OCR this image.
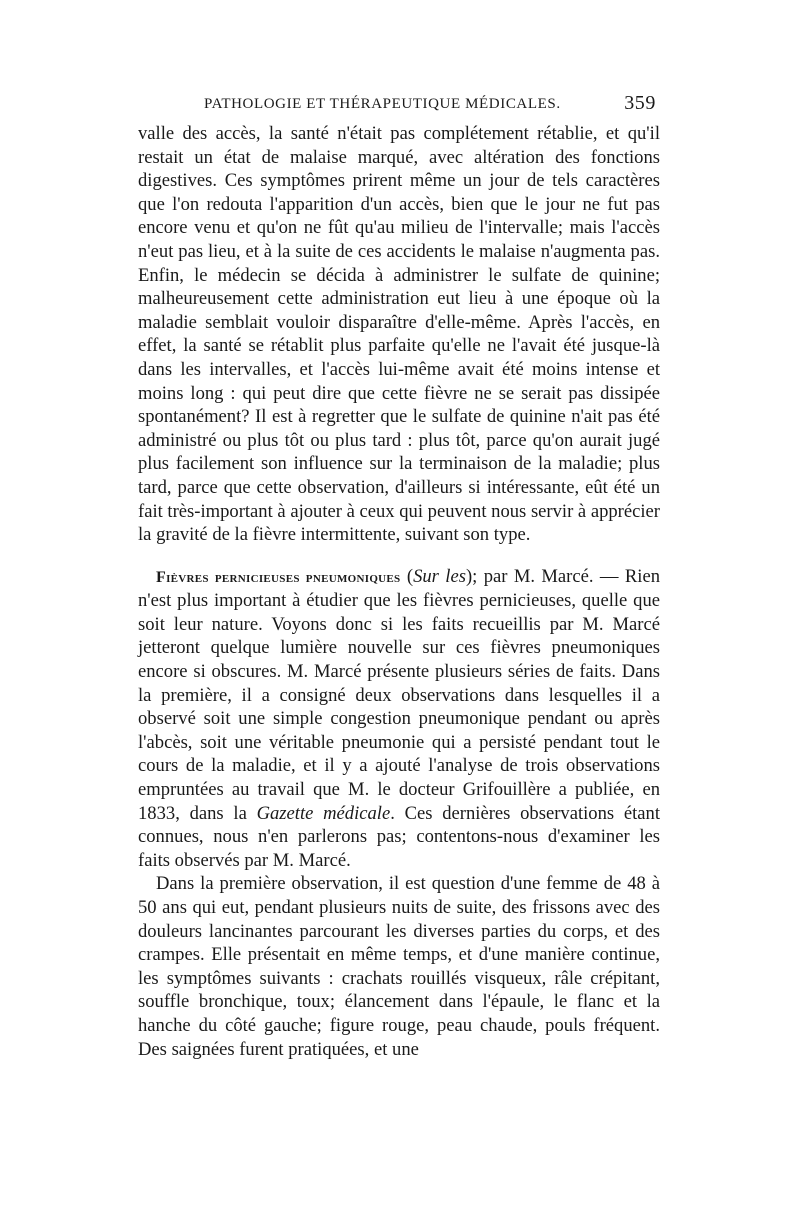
PATHOLOGIE ET THÉRAPEUTIQUE MÉDICALES.	359

valle des accès, la santé n'était pas complétement rétablie, et qu'il restait un état de malaise marqué, avec altération des fonctions digestives. Ces symptômes prirent même un jour de tels caractères que l'on redouta l'apparition d'un accès, bien que le jour ne fut pas encore venu et qu'on ne fût qu'au milieu de l'intervalle; mais l'accès n'eut pas lieu, et à la suite de ces accidents le malaise n'augmenta pas. Enfin, le médecin se décida à administrer le sulfate de quinine; malheureusement cette administration eut lieu à une époque où la maladie semblait vouloir disparaître d'elle-même. Après l'accès, en effet, la santé se rétablit plus parfaite qu'elle ne l'avait été jusque-là dans les intervalles, et l'accès lui-même avait été moins intense et moins long : qui peut dire que cette fièvre ne se serait pas dissipée spontanément? Il est à regretter que le sulfate de quinine n'ait pas été administré ou plus tôt ou plus tard : plus tôt, parce qu'on aurait jugé plus facilement son influence sur la terminaison de la maladie; plus tard, parce que cette observation, d'ailleurs si intéressante, eût été un fait très-important à ajouter à ceux qui peuvent nous servir à apprécier la gravité de la fièvre intermittente, suivant son type.

Fièvres pernicieuses pneumoniques (Sur les); par M. Marcé. — Rien n'est plus important à étudier que les fièvres pernicieuses, quelle que soit leur nature. Voyons donc si les faits recueillis par M. Marcé jetteront quelque lumière nouvelle sur ces fièvres pneumoniques encore si obscures. M. Marcé présente plusieurs séries de faits. Dans la première, il a consigné deux observations dans lesquelles il a observé soit une simple congestion pneumonique pendant ou après l'abcès, soit une véritable pneumonie qui a persisté pendant tout le cours de la maladie, et il y a ajouté l'analyse de trois observations empruntées au travail que M. le docteur Grifouillère a publiée, en 1833, dans la Gazette médicale. Ces dernières observations étant connues, nous n'en parlerons pas; contentons-nous d'examiner les faits observés par M. Marcé.

Dans la première observation, il est question d'une femme de 48 à 50 ans qui eut, pendant plusieurs nuits de suite, des frissons avec des douleurs lancinantes parcourant les diverses parties du corps, et des crampes. Elle présentait en même temps, et d'une manière continue, les symptômes suivants : crachats rouillés visqueux, râle crépitant, souffle bronchique, toux; élancement dans l'épaule, le flanc et la hanche du côté gauche; figure rouge, peau chaude, pouls fréquent. Des saignées furent pratiquées, et une
